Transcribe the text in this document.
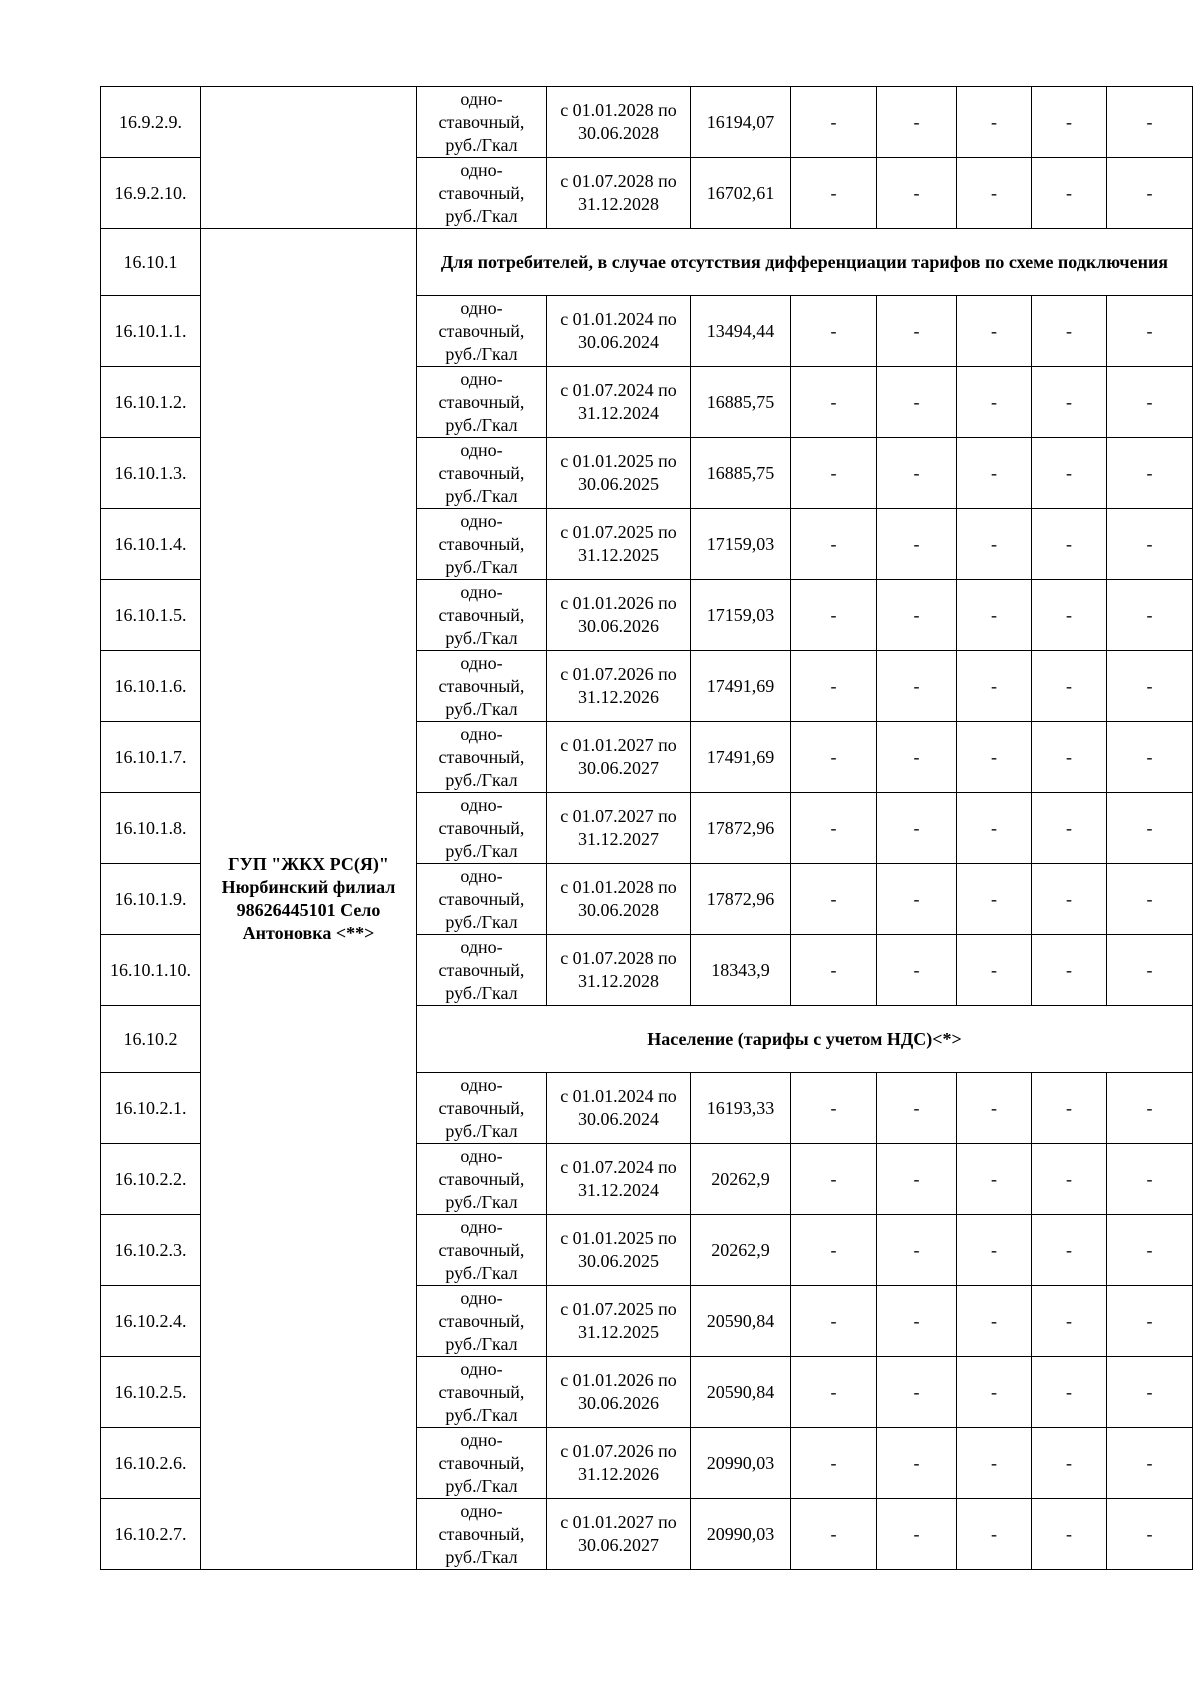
16.9.2.9.		одно-ставочный, руб./Гкал	с 01.01.2028 по 30.06.2028	16194,07	-	-	-	-	-
16.9.2.10.		одно-ставочный, руб./Гкал	с 01.07.2028 по 31.12.2028	16702,61	-	-	-	-	-
16.10.1	ГУП "ЖКХ РС(Я)" Нюрбинский филиал 98626445101 Село Антоновка <**>	Для потребителей, в случае отсутствия дифференциации тарифов по схеме подключения							
16.10.1.1.		одно-ставочный, руб./Гкал	с 01.01.2024 по 30.06.2024	13494,44	-	-	-	-	-
16.10.1.2.		одно-ставочный, руб./Гкал	с 01.07.2024 по 31.12.2024	16885,75	-	-	-	-	-
16.10.1.3.		одно-ставочный, руб./Гкал	с 01.01.2025 по 30.06.2025	16885,75	-	-	-	-	-
16.10.1.4.		одно-ставочный, руб./Гкал	с 01.07.2025 по 31.12.2025	17159,03	-	-	-	-	-
16.10.1.5.		одно-ставочный, руб./Гкал	с 01.01.2026 по 30.06.2026	17159,03	-	-	-	-	-
16.10.1.6.		одно-ставочный, руб./Гкал	с 01.07.2026 по 31.12.2026	17491,69	-	-	-	-	-
16.10.1.7.		одно-ставочный, руб./Гкал	с 01.01.2027 по 30.06.2027	17491,69	-	-	-	-	-
16.10.1.8.		одно-ставочный, руб./Гкал	с 01.07.2027 по 31.12.2027	17872,96	-	-	-	-	-
16.10.1.9.		одно-ставочный, руб./Гкал	с 01.01.2028 по 30.06.2028	17872,96	-	-	-	-	-
16.10.1.10.		одно-ставочный, руб./Гкал	с 01.07.2028 по 31.12.2028	18343,9	-	-	-	-	-
16.10.2		Население (тарифы с учетом НДС)<*>							
16.10.2.1.		одно-ставочный, руб./Гкал	с 01.01.2024 по 30.06.2024	16193,33	-	-	-	-	-
16.10.2.2.		одно-ставочный, руб./Гкал	с 01.07.2024 по 31.12.2024	20262,9	-	-	-	-	-
16.10.2.3.		одно-ставочный, руб./Гкал	с 01.01.2025 по 30.06.2025	20262,9	-	-	-	-	-
16.10.2.4.		одно-ставочный, руб./Гкал	с 01.07.2025 по 31.12.2025	20590,84	-	-	-	-	-
16.10.2.5.		одно-ставочный, руб./Гкал	с 01.01.2026 по 30.06.2026	20590,84	-	-	-	-	-
16.10.2.6.		одно-ставочный, руб./Гкал	с 01.07.2026 по 31.12.2026	20990,03	-	-	-	-	-
16.10.2.7.		одно-ставочный, руб./Гкал	с 01.01.2027 по 30.06.2027	20990,03	-	-	-	-	-
